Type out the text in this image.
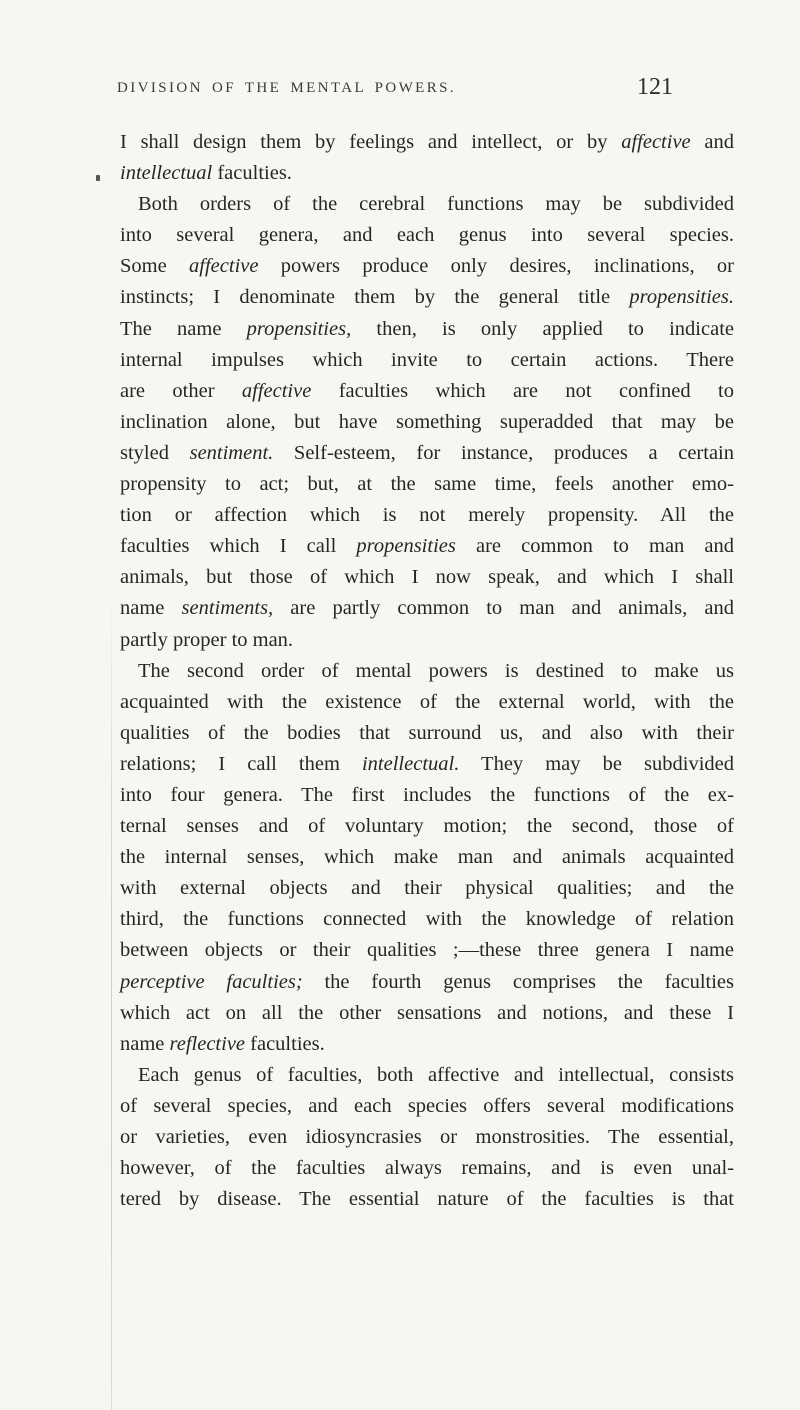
DIVISION OF THE MENTAL POWERS.	121
I shall design them by feelings and intellect, or by affective and
intellectual faculties.
Both orders of the cerebral functions may be subdivided
into several genera, and each genus into several species.
Some affective powers produce only desires, inclinations, or
instincts; I denominate them by the general title propensities.
The name propensities, then, is only applied to indicate
internal impulses which invite to certain actions. There
are other affective faculties which are not confined to
inclination alone, but have something superadded that may be
styled sentiment. Self-esteem, for instance, produces a certain
propensity to act; but, at the same time, feels another emo-
tion or affection which is not merely propensity. All the
faculties which I call propensities are common to man and
animals, but those of which I now speak, and which I shall
name sentiments, are partly common to man and animals, and
partly proper to man.
The second order of mental powers is destined to make us
acquainted with the existence of the external world, with the
qualities of the bodies that surround us, and also with their
relations; I call them intellectual. They may be subdivided
into four genera. The first includes the functions of the ex-
ternal senses and of voluntary motion; the second, those of
the internal senses, which make man and animals acquainted
with external objects and their physical qualities; and the
third, the functions connected with the knowledge of relation
between objects or their qualities ;—these three genera I name
perceptive faculties; the fourth genus comprises the faculties
which act on all the other sensations and notions, and these I
name reflective faculties.
Each genus of faculties, both affective and intellectual, consists
of several species, and each species offers several modifications
or varieties, even idiosyncrasies or monstrosities. The essential,
however, of the faculties always remains, and is even unal-
tered by disease. The essential nature of the faculties is that
